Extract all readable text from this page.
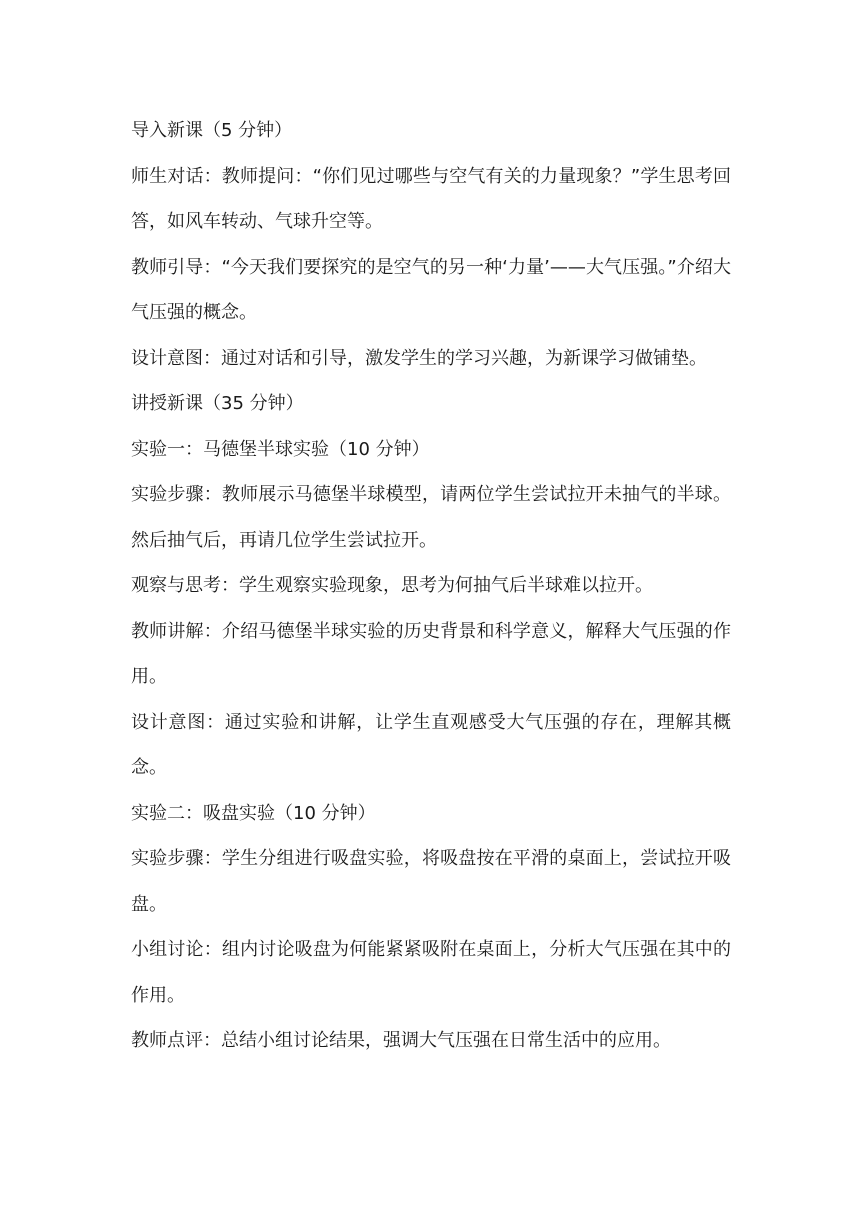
导入新课（5 分钟）

师生对话：教师提问：“你们见过哪些与空气有关的力量现象？”学生思考回答，如风车转动、气球升空等。

教师引导：“今天我们要探究的是空气的另一种‘力量’——大气压强。”介绍大气压强的概念。

设计意图：通过对话和引导，激发学生的学习兴趣，为新课学习做铺垫。

讲授新课（35 分钟）

实验一：马德堡半球实验（10 分钟）

实验步骤：教师展示马德堡半球模型，请两位学生尝试拉开未抽气的半球。然后抽气后，再请几位学生尝试拉开。

观察与思考：学生观察实验现象，思考为何抽气后半球难以拉开。

教师讲解：介绍马德堡半球实验的历史背景和科学意义，解释大气压强的作用。

设计意图：通过实验和讲解，让学生直观感受大气压强的存在，理解其概念。

实验二：吸盘实验（10 分钟）

实验步骤：学生分组进行吸盘实验，将吸盘按在平滑的桌面上，尝试拉开吸盘。

小组讨论：组内讨论吸盘为何能紧紧吸附在桌面上，分析大气压强在其中的作用。

教师点评：总结小组讨论结果，强调大气压强在日常生活中的应用。
